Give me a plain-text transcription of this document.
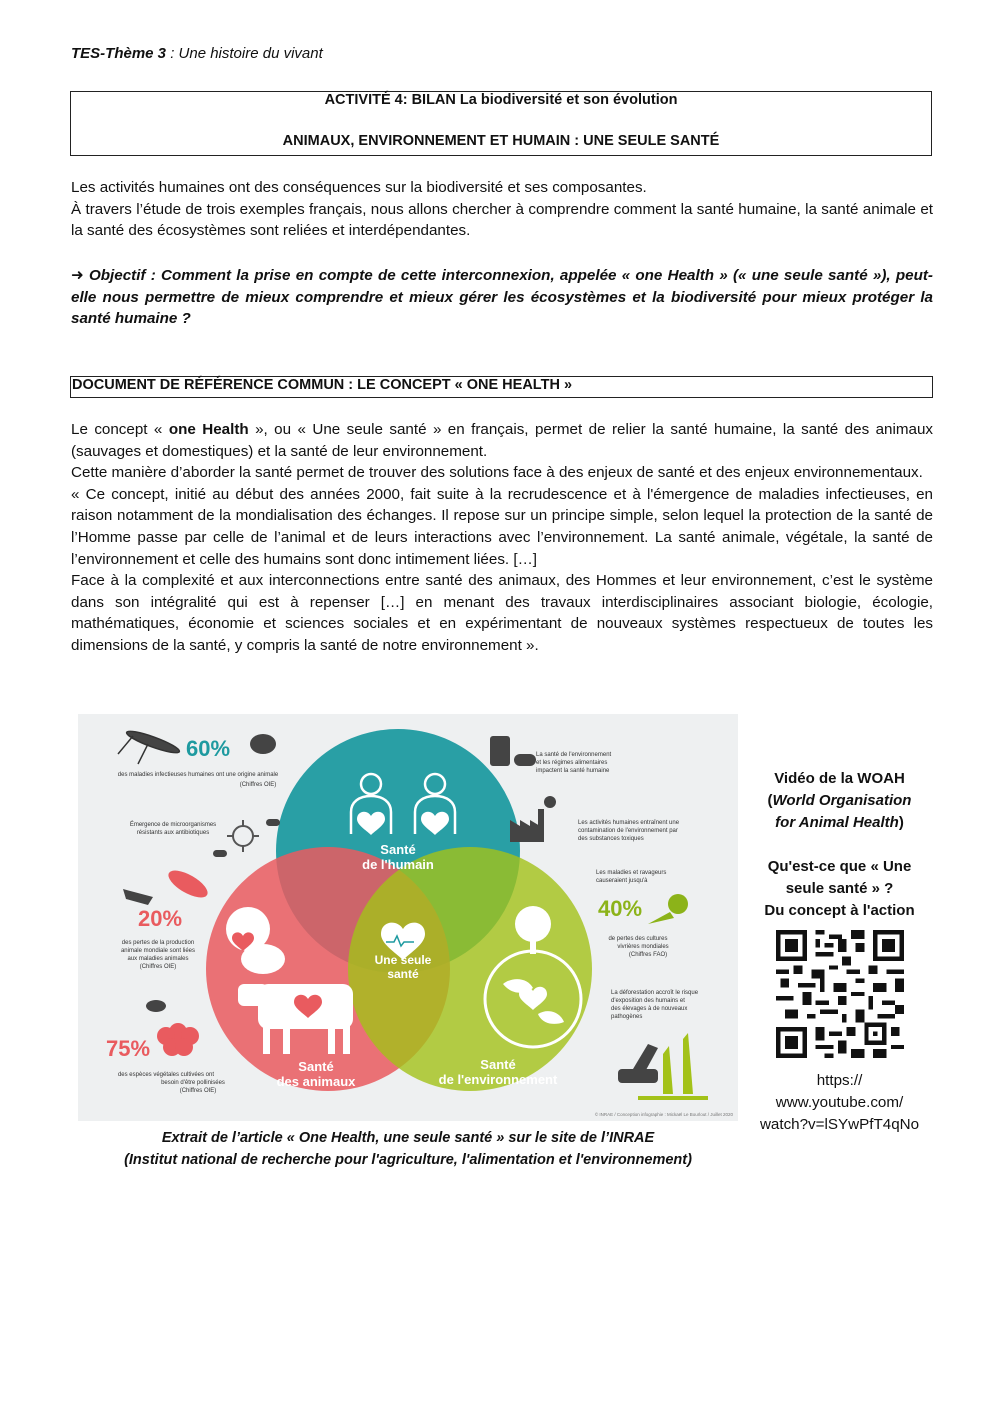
TES-Thème 3 : Une histoire du vivant
ACTIVITÉ 4: BILAN La biodiversité et son évolution
ANIMAUX, ENVIRONNEMENT ET HUMAIN : UNE SEULE SANTÉ
Les activités humaines ont des conséquences sur la biodiversité et ses composantes.
À travers l’étude de trois exemples français, nous allons chercher à comprendre comment la santé humaine, la santé animale et la santé des écosystèmes sont reliées et interdépendantes.
➜ Objectif : Comment la prise en compte de cette interconnexion, appelée « one Health » (« une seule santé »), peut-elle nous permettre de mieux comprendre et mieux gérer les écosystèmes et la biodiversité pour mieux protéger la santé humaine ?
DOCUMENT DE RÉFÉRENCE COMMUN : LE CONCEPT « ONE HEALTH »
Le concept « one Health », ou « Une seule santé » en français, permet de relier la santé humaine, la santé des animaux (sauvages et domestiques) et la santé de leur environnement.
Cette manière d’aborder la santé permet de trouver des solutions face à des enjeux de santé et des enjeux environnementaux.
« Ce concept, initié au début des années 2000, fait suite à la recrudescence et à l'émergence de maladies infectieuses, en raison notamment de la mondialisation des échanges. Il repose sur un principe simple, selon lequel la protection de la santé de l’Homme passe par celle de l’animal et de leurs interactions avec l’environnement. La santé animale, végétale, la santé de l’environnement et celle des humains sont donc intimement liées. […]
Face à la complexité et aux interconnections entre santé des animaux, des Hommes et leur environnement, c’est le système dans son intégralité qui est à repenser […] en menant des travaux interdisciplinaires associant biologie, écologie, mathématiques, économie et sciences sociales et en expérimentant de nouveaux systèmes respectueux de toutes les dimensions de la santé, y compris la santé de notre environnement ».
Une seule
santé
Santé
de l'humain
Santé
des animaux
Santé
de l'environnement
60%
des maladies infectieuses humaines ont une origine animale
(Chiffres OIE)
Émergence de microorganismes
résistants aux antibiotiques
20%
des pertes de la production
animale mondiale sont liées
aux maladies animales
(Chiffres OIE)
75%
des espèces végétales cultivées ont
besoin d'être pollinisées
(Chiffres OIE)
La santé de l'environnement
et les régimes alimentaires
impactent la santé humaine
Les activités humaines entraînent une
contamination de l'environnement par
des substances toxiques
Les maladies et ravageurs
causeraient jusqu'à
40%
de pertes des cultures
vivrières mondiales
(Chiffres FAO)
La déforestation accroît le risque
d'exposition des humains et
des élevages à de nouveaux
pathogènes
© INRAE / Conception infographie : Mickaël Le Bourlout / Juillet 2020
Extrait de l’article « One Health, une seule santé » sur le site de l’INRAE
(Institut national de recherche pour l'agriculture, l'alimentation et l'environnement)
Vidéo de la WOAH
(World Organisation
for Animal Health)
Qu'est-ce que « Une
seule santé » ?
Du concept à l'action
https://
www.youtube.com/
watch?v=lSYwPfT4qNo
